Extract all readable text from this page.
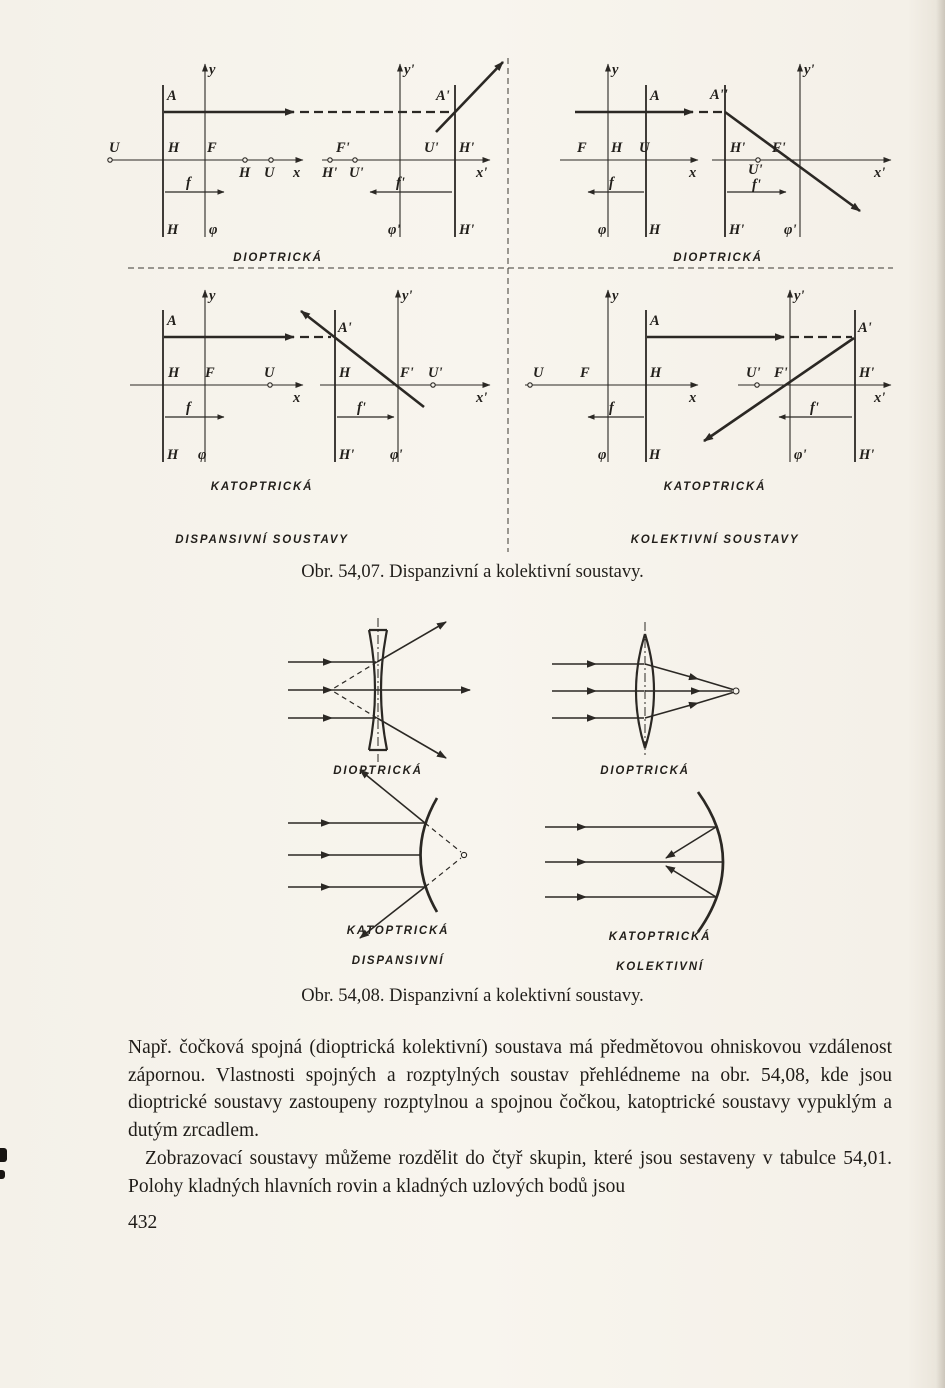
y
A
U	H F
H U x
f
H φ
y'
A'
F'	U' H'
H' U'	x'
f'
φ'	H'
DIOPTRICKÁ
y
A
F H U
x
f
φ	H
y'
A''
H' F'
U'
f'
x'
H'	φ'
DIOPTRICKÁ
y
A
H F	U
x
f
H φ
y'
A'
H	F' U'
x'
f'
H' φ'
KATOPTRICKÁ
DISPANSIVNÍ SOUSTAVY
y
A
U	F	H
x
f
φ	H
y'
A'
U' F'	H'
x'
f'
φ'	H'
KATOPTRICKÁ
KOLEKTIVNÍ SOUSTAVY
Obr. 54,07. Dispanzivní a kolektivní soustavy.
DIOPTRICKÁ	DIOPTRICKÁ
KATOPTRICKÁ
DISPANSIVNÍ
KATOPTRICKÁ
KOLEKTIVNÍ
Obr. 54,08. Dispanzivní a kolektivní soustavy.
Např. čočková spojná (dioptrická kolektivní) soustava má předmětovou ohniskovou vzdálenost zápornou. Vlastnosti spojných a rozptylných soustav přehlédneme na obr. 54,08, kde jsou dioptrické soustavy zastoupeny rozptylnou a spojnou čočkou, katoptrické soustavy vypuklým a dutým zrcadlem.
Zobrazovací soustavy můžeme rozdělit do čtyř skupin, které jsou sestaveny v tabulce 54,01. Polohy kladných hlavních rovin a kladných uzlových bodů jsou
432
